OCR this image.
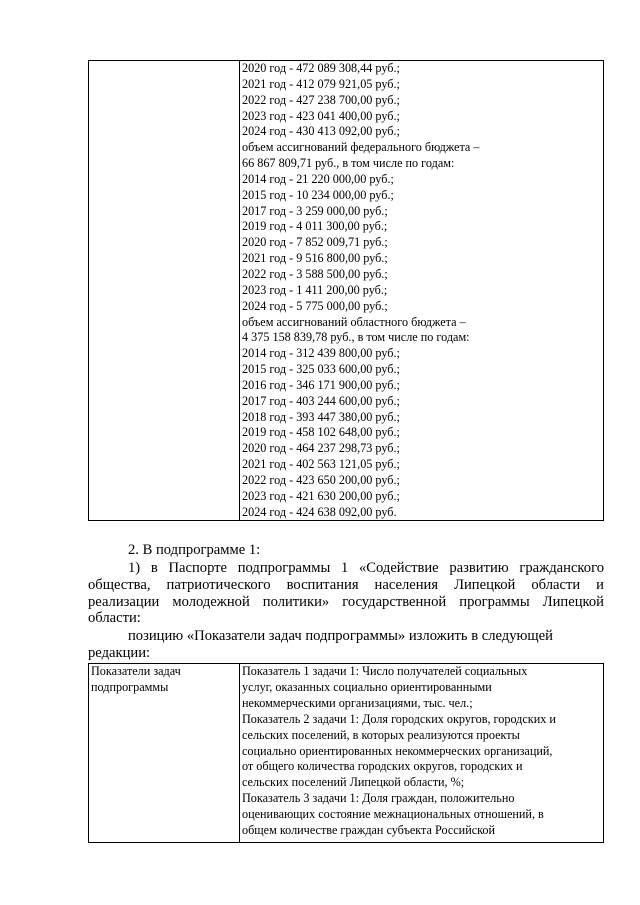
2020 год - 472 089 308,44 руб.;
2021 год - 412 079 921,05 руб.;
2022 год - 427 238 700,00 руб.;
2023 год - 423 041 400,00 руб.;
2024 год - 430 413 092,00 руб.;
объем ассигнований федерального бюджета –
66 867 809,71 руб., в том числе по годам:
2014 год - 21 220 000,00 руб.;
2015 год - 10 234 000,00 руб.;
2017 год - 3 259 000,00 руб.;
2019 год - 4 011 300,00 руб.;
2020 год - 7 852 009,71 руб.;
2021 год - 9 516 800,00 руб.;
2022 год - 3 588 500,00 руб.;
2023 год - 1 411 200,00 руб.;
2024 год - 5 775 000,00 руб.;
объем ассигнований областного бюджета –
4 375 158 839,78 руб., в том числе по годам:
2014 год - 312 439 800,00 руб.;
2015 год - 325 033 600,00 руб.;
2016 год - 346 171 900,00 руб.;
2017 год - 403 244 600,00 руб.;
2018 год - 393 447 380,00 руб.;
2019 год - 458 102 648,00 руб.;
2020 год - 464 237 298,73 руб.;
2021 год - 402 563 121,05 руб.;
2022 год - 423 650 200,00 руб.;
2023 год - 421 630 200,00 руб.;
2024 год - 424 638 092,00 руб.
2. В подпрограмме 1:
1) в Паспорте подпрограммы 1 «Содействие развитию гражданского общества, патриотического воспитания населения Липецкой области и реализации молодежной политики» государственной программы Липецкой области:
позицию «Показатели задач подпрограммы» изложить в следующей
редакции:
Показатели задач
подпрограммы

Показатель 1 задачи 1: Число получателей социальных
услуг, оказанных социально ориентированными
некоммерческими организациями, тыс. чел.;
Показатель 2 задачи 1: Доля городских округов, городских и
сельских поселений, в которых реализуются проекты
социально ориентированных некоммерческих организаций,
от общего количества городских округов, городских и
сельских поселений Липецкой области, %;
Показатель 3 задачи 1: Доля граждан, положительно
оценивающих состояние межнациональных отношений, в
общем количестве граждан субъекта Российской
